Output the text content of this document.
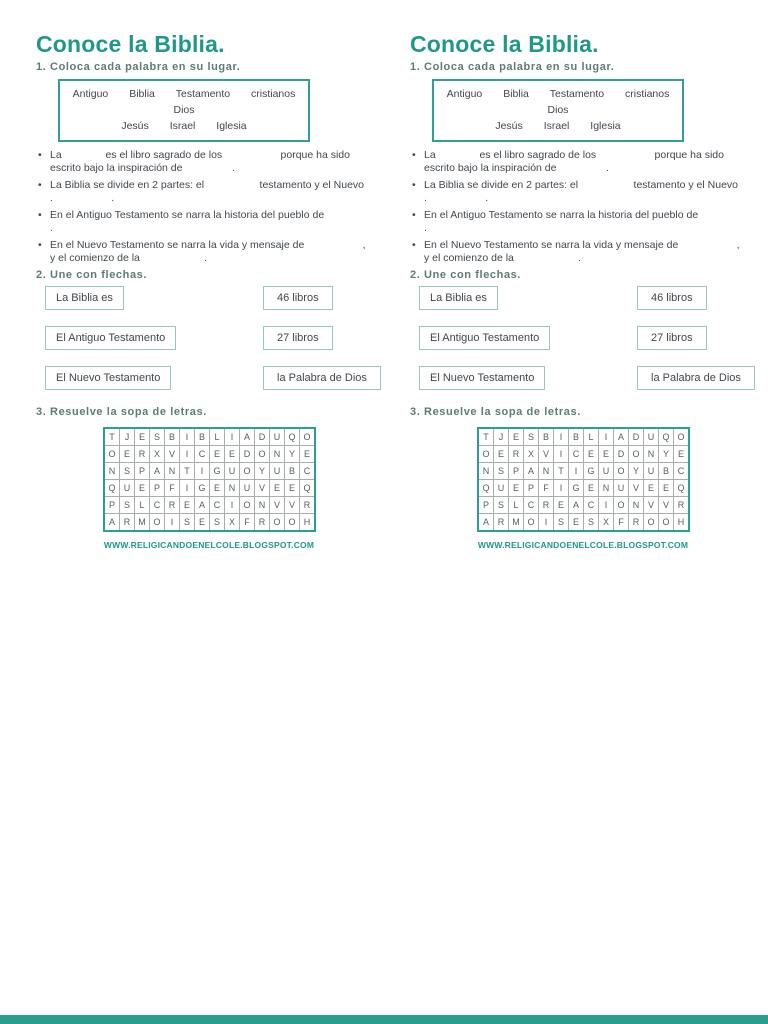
Conoce la Biblia.
1. Coloca cada palabra en su lugar.
Antiguo Biblia Testamento cristianos Dios
Jesús Israel Iglesia
• La               es el libro sagrado de los                    porque ha sido
escrito bajo la inspiración de                 .
• La Biblia se divide en 2 partes: el                   testamento y el Nuevo
.                    .
• En el Antiguo Testamento se narra la historia del pueblo de
.
• En el Nuevo Testamento se narra la vida y mensaje de                    ,
y el comienzo de la                      .
2. Une con flechas.
La Biblia es	46 libros
El Antiguo Testamento	27 libros
El Nuevo Testamento	la Palabra de Dios
3. Resuelve la sopa de letras.
T	J	E	S	B	I	B	L	I	A	D	U	Q	O
O	E	R	X	V	I	C	E	E	D	O	N	Y	E
N	S	P	A	N	T	I	G	U	O	Y	U	B	C
Q	U	E	P	F	I	G	E	N	U	V	E	E	Q
P	S	L	C	R	E	A	C	I	O	N	V	V	R
A	R	M	O	I	S	E	S	X	F	R	O	O	H
WWW.RELIGICANDOENELCOLE.BLOGSPOT.COM
Conoce la Biblia.
1. Coloca cada palabra en su lugar.
Antiguo Biblia Testamento cristianos Dios
Jesús Israel Iglesia
• La               es el libro sagrado de los                    porque ha sido
escrito bajo la inspiración de                 .
• La Biblia se divide en 2 partes: el                   testamento y el Nuevo
.                    .
• En el Antiguo Testamento se narra la historia del pueblo de
.
• En el Nuevo Testamento se narra la vida y mensaje de                    ,
y el comienzo de la                      .
2. Une con flechas.
La Biblia es	46 libros
El Antiguo Testamento	27 libros
El Nuevo Testamento	la Palabra de Dios
3. Resuelve la sopa de letras.
T	J	E	S	B	I	B	L	I	A	D	U	Q	O
O	E	R	X	V	I	C	E	E	D	O	N	Y	E
N	S	P	A	N	T	I	G	U	O	Y	U	B	C
Q	U	E	P	F	I	G	E	N	U	V	E	E	Q
P	S	L	C	R	E	A	C	I	O	N	V	V	R
A	R	M	O	I	S	E	S	X	F	R	O	O	H
WWW.RELIGICANDOENELCOLE.BLOGSPOT.COM
